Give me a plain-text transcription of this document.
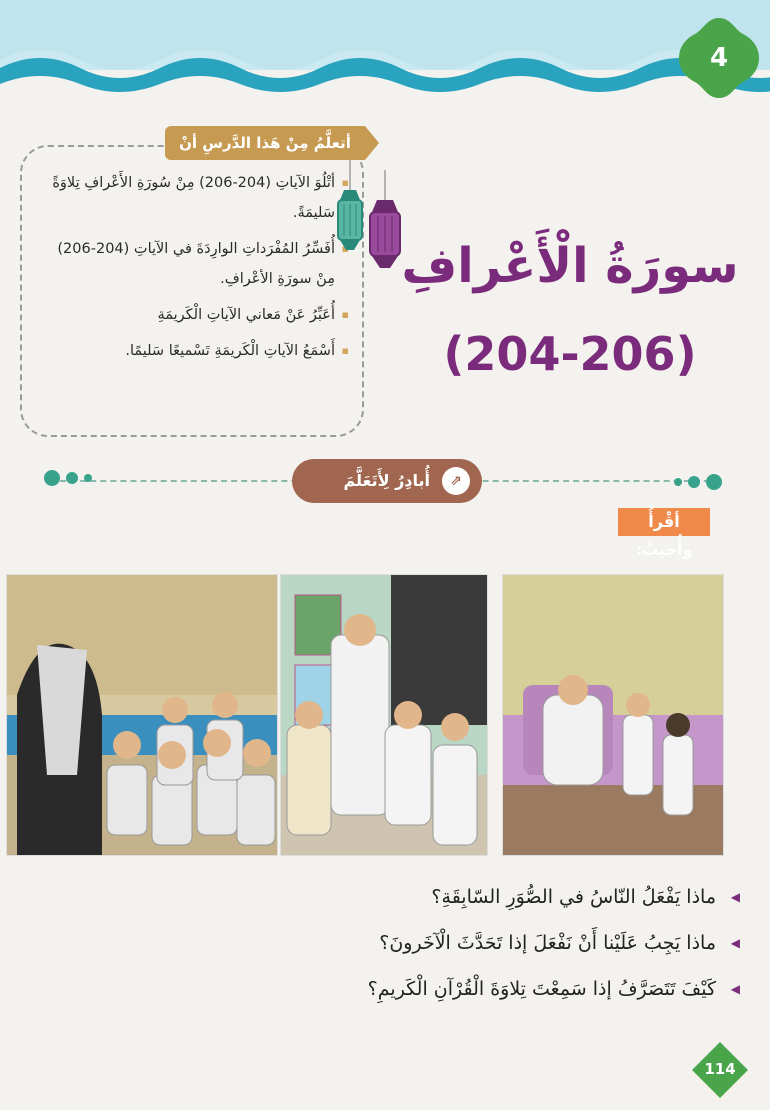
4
أتعلَّمُ مِنْ هَذا الدَّرسِ أنْ
▪ أتْلُوَ الآياتِ (204-206) مِنْ سُورَةِ الأَعْرافِ تِلاوَةً سَليمَةً.
▪ أُفَسِّرُ المُفْرَداتِ الوارِدَةَ في الآياتِ (204-206) مِنْ سورَةِ الأعْرافِ.
▪ أُعَبِّرُ عَنْ مَعاني الآياتِ الْكَريمَةِ
▪ أَسْمَعُ الآياتِ الْكَريمَةِ تَسْميعًا سَليمًا.
سورَةُ الْأَعْرافِ
(204-206)
⇗
أُبادِرُ لِأَتَعَلَّمَ
أقْرأُ وأُجيبُ:
◀ ماذا يَفْعَلُ النّاسُ في الصُّوَرِ السّابِقَةِ؟
◀ ماذا يَجِبُ عَلَيْنا أَنْ نَفْعَلَ إذا تَحَدَّثَ الْآخَرونَ؟
◀ كَيْفَ تَتَصَرَّفُ إذا سَمِعْتَ تِلاوَةَ الْقُرْآنِ الْكَريمِ؟
114
